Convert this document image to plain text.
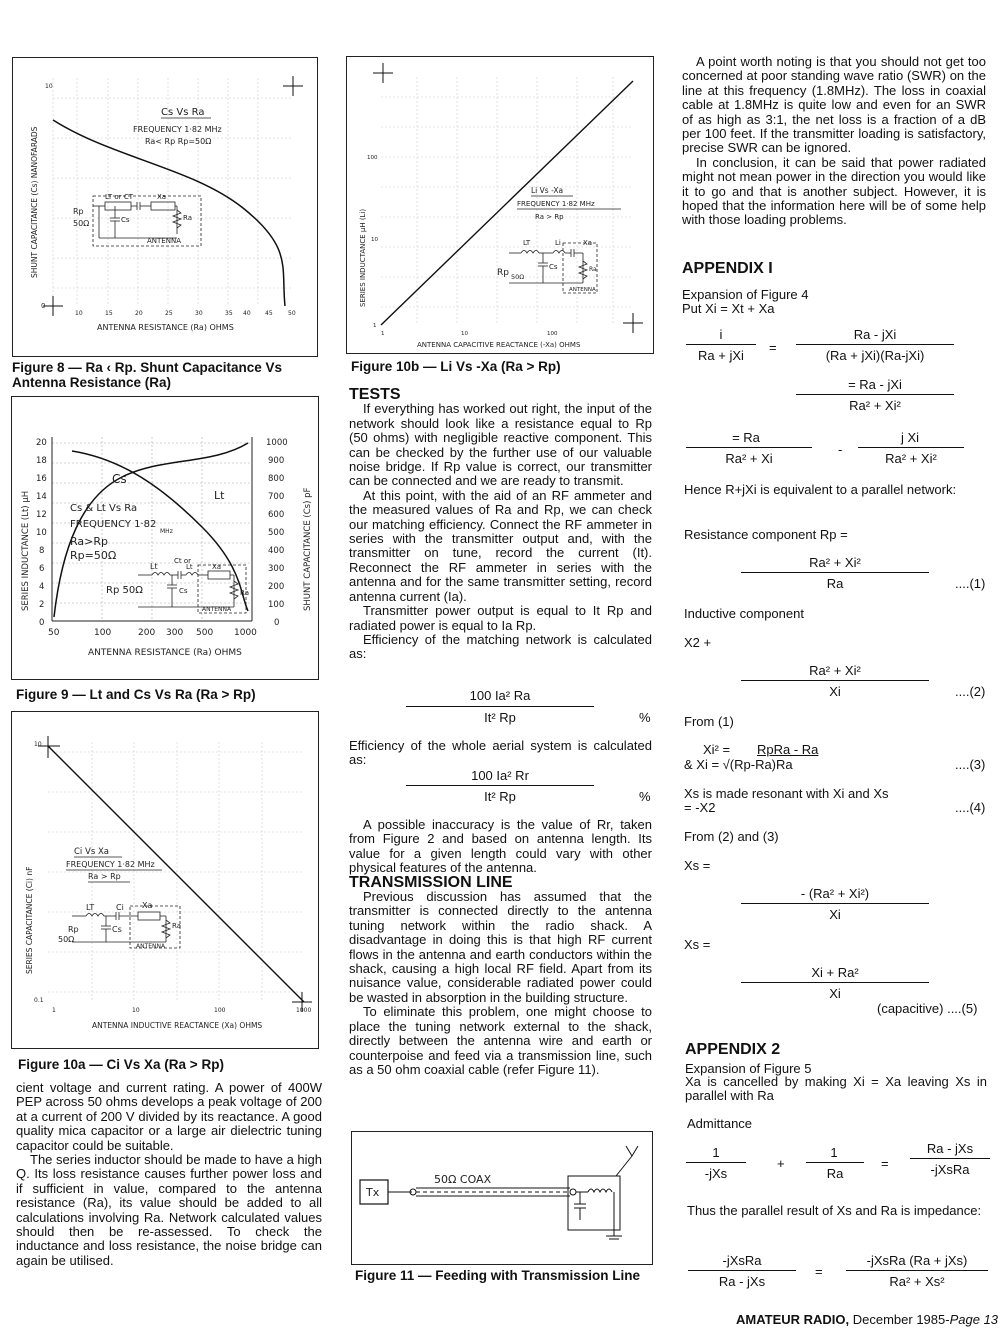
Cs Vs Ra
FREQUENCY 1·82 MHz
Ra< Rp Rp=50Ω
LT or CT	Xa
Cs	Ra
Rp
50Ω
ANTENNA
10
0
10	15	20	25	30	35 40 45	50
ANTENNA RESISTANCE (Ra) OHMS
SHUNT CAPACITANCE (Cs) NANOFARADS
Figure 8 — Ra ‹ Rp. Shunt Capacitance Vs Antenna Resistance (Ra)
Cs
Lt
Cs & Lt Vs Ra
FREQUENCY 1·82
MHz
Ra>Rp
Rp=50Ω
Lt
Ct or
Lt	Xa
Rp 50Ω	Cs	Ra
ANTENNA
20
18
16
14
12
10
8
6
4
2
0
1000
900
800
700
600
500
400
300
200
100
0
50	100	200 300 500 1000
ANTENNA RESISTANCE (Ra) OHMS
SERIES INDUCTANCE (Lt) μH	SHUNT CAPACITANCE (Cs) pF
Figure 9 — Lt and Cs Vs Ra (Ra > Rp)
Ci Vs Xa
FREQUENCY 1·82 MHz
Ra > Rp
LT	Ci Xa
Cs
Rp
50Ω
Ra
ANTENNA
10
0.1
1	10	100	1000
ANTENNA INDUCTIVE REACTANCE (Xa) OHMS
SERIES CAPACITANCE (Ci) nF
Figure 10a — Ci Vs Xa (Ra > Rp)

cient voltage and current rating. A power of 400W PEP across 50 ohms develops a peak voltage of 200 at a current of 200 V divided by its reactance. A good quality mica capacitor or a large air dielectric tuning capacitor could be suitable.

The series inductor should be made to have a high Q. Its loss resistance causes further power loss and if sufficient in value, compared to the antenna resistance (Ra), its value should be added to all calculations involving Ra. Network calculated values should then be re-assessed. To check the inductance and loss resistance, the noise bridge can again be utilised.

Li Vs -Xa
FREQUENCY 1·82 MHz
Ra > Rp
LT	Li	Xa
Cs
Rp 50Ω
Ra
ANTENNA
100
10
1
1	10	100
ANTENNA CAPACITIVE REACTANCE (-Xa) OHMS
SERIES INDUCTANCE μH (Li)
Figure 10b — Li Vs -Xa (Ra > Rp)

TESTS

If everything has worked out right, the input of the network should look like a resistance equal to Rp (50 ohms) with negligible reactive component. This can be checked by the further use of our valuable noise bridge. If Rp value is correct, our transmitter can be connected and we are ready to transmit.

At this point, with the aid of an RF ammeter and the measured values of Ra and Rp, we can check our matching efficiency. Connect the RF ammeter in series with the transmitter output and, with the transmitter on tune, record the current (It). Reconnect the RF ammeter in series with the antenna and for the same transmitter setting, record antenna current (Ia).

Transmitter power output is equal to It Rp and radiated power is equal to Ia Rp.

Efficiency of the matching network is calculated as:

100 Ia² Ra
It² Rp	%

Efficiency of the whole aerial system is calculated as:

100 Ia² Rr
It² Rp	%

A possible inaccuracy is the value of Rr, taken from Figure 2 and based on antenna length. Its value for a given length could vary with other physical features of the antenna.

TRANSMISSION LINE

Previous discussion has assumed that the transmitter is connected directly to the antenna tuning network within the radio shack. A disadvantage in doing this is that high RF current flows in the antenna and earth conductors within the shack, causing a high local RF field. Apart from its nuisance value, considerable radiated power could be wasted in absorption in the building structure.

To eliminate this problem, one might choose to place the tuning network external to the shack, directly between the antenna wire and earth or counterpoise and feed via a transmission line, such as a 50 ohm coaxial cable (refer Figure 11).

Tx
50Ω COAX
Figure 11 — Feeding with Transmission Line

A point worth noting is that you should not get too concerned at poor standing wave ratio (SWR) on the line at this frequency (1.8MHz). The loss in coaxial cable at 1.8MHz is quite low and even for an SWR of as high as 3:1, the net loss is a fraction of a dB per 100 feet. If the transmitter loading is satisfactory, precise SWR can be ignored.

In conclusion, it can be said that power radiated might not mean power in the direction you would like it to go and that is another subject. However, it is hoped that the information here will be of some help with those loading problems.

APPENDIX I
Expansion of Figure 4
Put Xi = Xt + Xa
i
Ra + jXi
=
Ra - jXi
(Ra + jXi)(Ra-jXi)
= Ra - jXi
Ra² + Xi²
= Ra
Ra² + Xi
-
j Xi
Ra² + Xi²

Hence R+jXi is equivalent to a parallel network:

Resistance component Rp =
Ra² + Xi²
Ra	....(1)
Inductive component
X2 +
Ra² + Xi²
Xi	....(2)
From (1)
Xi² = RpRa - Ra
& Xi = √(Rp-Ra)Ra	....(3)
Xs is made resonant with Xi and Xs
= -X2	....(4)
From (2) and (3)
Xs =
- (Ra² + Xi²)
Xi
Xs =
Xi + Ra²
Xi
(capacitive) ....(5)
APPENDIX 2
Expansion of Figure 5

Xa is cancelled by making Xi = Xa leaving Xs in parallel with Ra

Admittance
1
-jXs
+
1
Ra
=
Ra - jXs
-jXsRa

Thus the parallel result of Xs and Ra is impedance:

-jXsRa
Ra - jXs
=
-jXsRa (Ra + jXs)
Ra² + Xs²
AMATEUR RADIO, December 1985-Page 13
